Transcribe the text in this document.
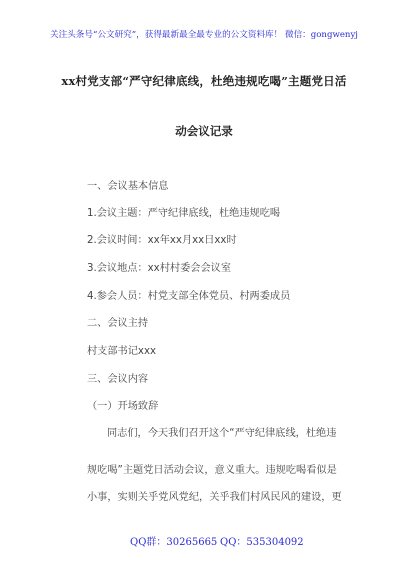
关注头条号“公文研究”，获得最新最全最专业的公文资料库！ 微信：gongwenyj
xx村党支部“严守纪律底线，杜绝违规吃喝”主题党日活
动会议记录
一、会议基本信息
1.会议主题：严守纪律底线，杜绝违规吃喝
2.会议时间：xx年xx月xx日xx时
3.会议地点：xx村村委会会议室
4.参会人员：村党支部全体党员、村两委成员
二、会议主持
村支部书记xxx
三、会议内容
（一）开场致辞
同志们，今天我们召开这个“严守纪律底线，杜绝违
规吃喝”主题党日活动会议，意义重大。违规吃喝看似是
小事，实则关乎党风党纪，关乎我们村风民风的建设，更
QQ群：30265665 QQ：535304092
